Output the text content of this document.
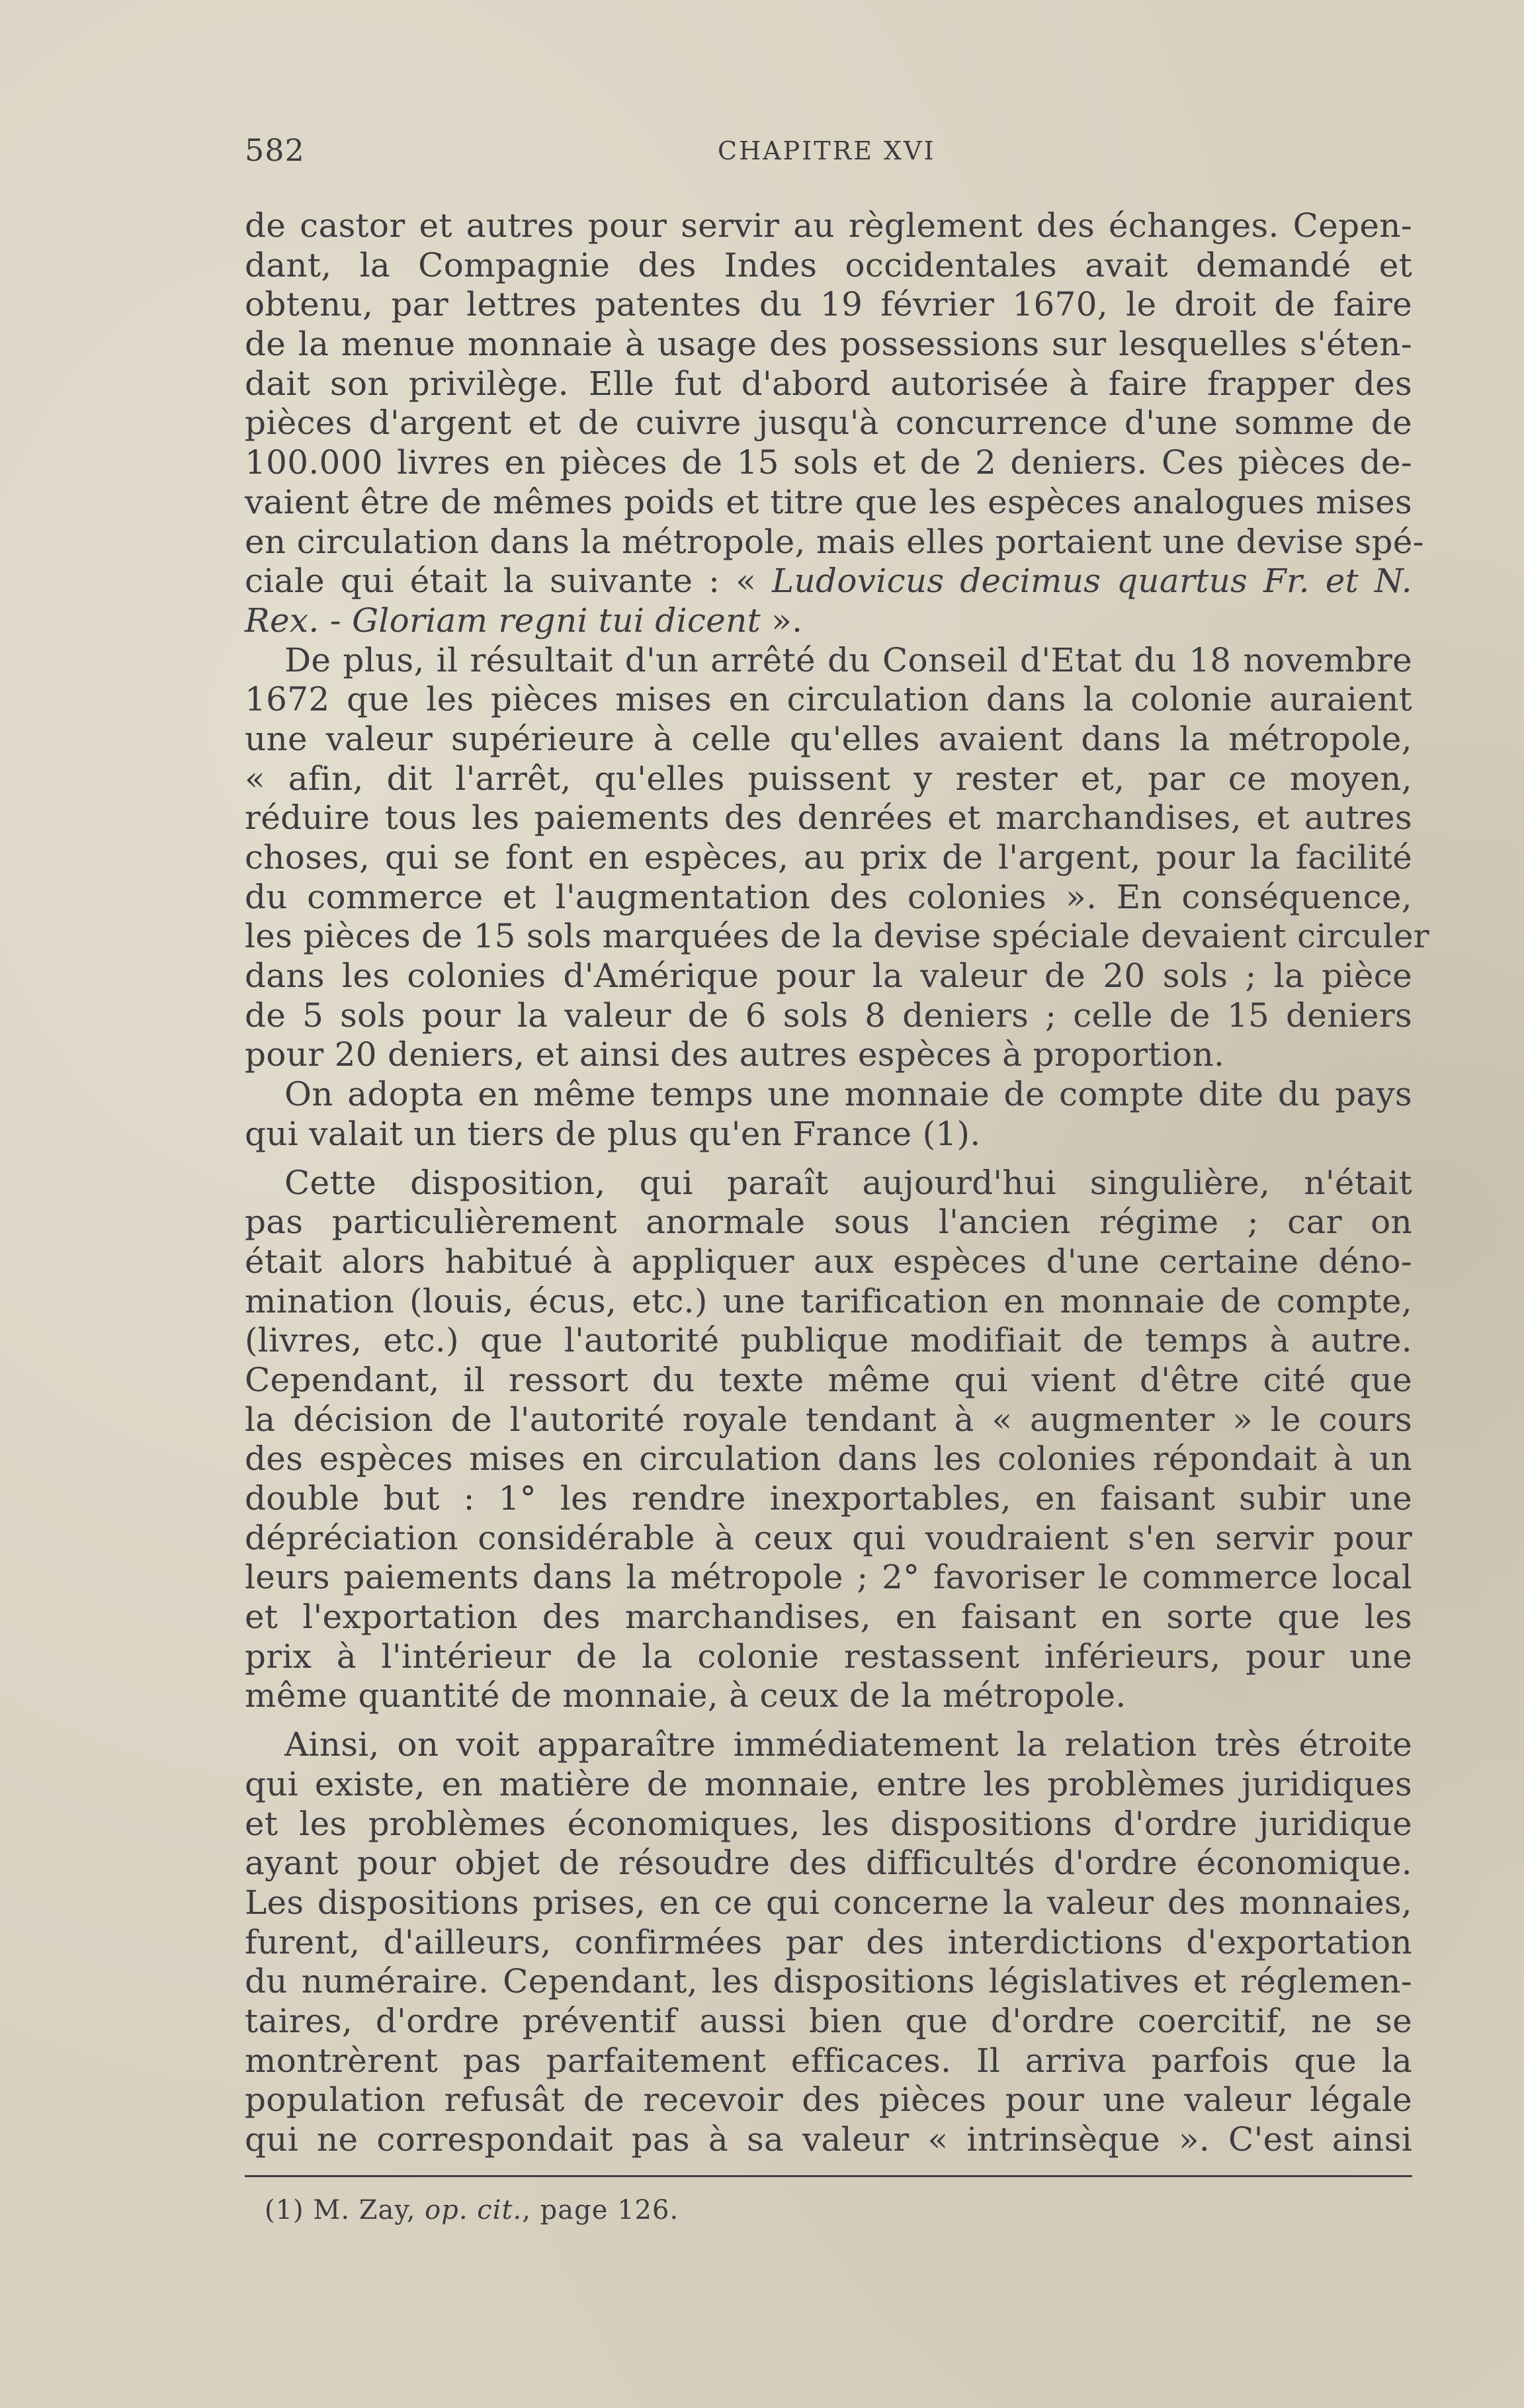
582	CHAPITRE XVI
de castor et autres pour servir au règlement des échanges. Cepen-
dant, la Compagnie des Indes occidentales avait demandé et
obtenu, par lettres patentes du 19 février 1670, le droit de faire
de la menue monnaie à usage des possessions sur lesquelles s'éten-
dait son privilège. Elle fut d'abord autorisée à faire frapper des
pièces d'argent et de cuivre jusqu'à concurrence d'une somme de
100.000 livres en pièces de 15 sols et de 2 deniers. Ces pièces de-
vaient être de mêmes poids et titre que les espèces analogues mises
en circulation dans la métropole, mais elles portaient une devise spé-
ciale qui était la suivante : « Ludovicus decimus quartus Fr. et N.
Rex. - Gloriam regni tui dicent ».
De plus, il résultait d'un arrêté du Conseil d'Etat du 18 novembre
1672 que les pièces mises en circulation dans la colonie auraient
une valeur supérieure à celle qu'elles avaient dans la métropole,
« afin, dit l'arrêt, qu'elles puissent y rester et, par ce moyen,
réduire tous les paiements des denrées et marchandises, et autres
choses, qui se font en espèces, au prix de l'argent, pour la facilité
du commerce et l'augmentation des colonies ». En conséquence,
les pièces de 15 sols marquées de la devise spéciale devaient circuler
dans les colonies d'Amérique pour la valeur de 20 sols ; la pièce
de 5 sols pour la valeur de 6 sols 8 deniers ; celle de 15 deniers
pour 20 deniers, et ainsi des autres espèces à proportion.
On adopta en même temps une monnaie de compte dite du pays
qui valait un tiers de plus qu'en France (1).
Cette disposition, qui paraît aujourd'hui singulière, n'était
pas particulièrement anormale sous l'ancien régime ; car on
était alors habitué à appliquer aux espèces d'une certaine déno-
mination (louis, écus, etc.) une tarification en monnaie de compte,
(livres, etc.) que l'autorité publique modifiait de temps à autre.
Cependant, il ressort du texte même qui vient d'être cité que
la décision de l'autorité royale tendant à « augmenter » le cours
des espèces mises en circulation dans les colonies répondait à un
double but : 1° les rendre inexportables, en faisant subir une
dépréciation considérable à ceux qui voudraient s'en servir pour
leurs paiements dans la métropole ; 2° favoriser le commerce local
et l'exportation des marchandises, en faisant en sorte que les
prix à l'intérieur de la colonie restassent inférieurs, pour une
même quantité de monnaie, à ceux de la métropole.
Ainsi, on voit apparaître immédiatement la relation très étroite
qui existe, en matière de monnaie, entre les problèmes juridiques
et les problèmes économiques, les dispositions d'ordre juridique
ayant pour objet de résoudre des difficultés d'ordre économique.
Les dispositions prises, en ce qui concerne la valeur des monnaies,
furent, d'ailleurs, confirmées par des interdictions d'exportation
du numéraire. Cependant, les dispositions législatives et réglemen-
taires, d'ordre préventif aussi bien que d'ordre coercitif, ne se
montrèrent pas parfaitement efficaces. Il arriva parfois que la
population refusât de recevoir des pièces pour une valeur légale
qui ne correspondait pas à sa valeur « intrinsèque ». C'est ainsi
(1) M. Zay, op. cit., page 126.
